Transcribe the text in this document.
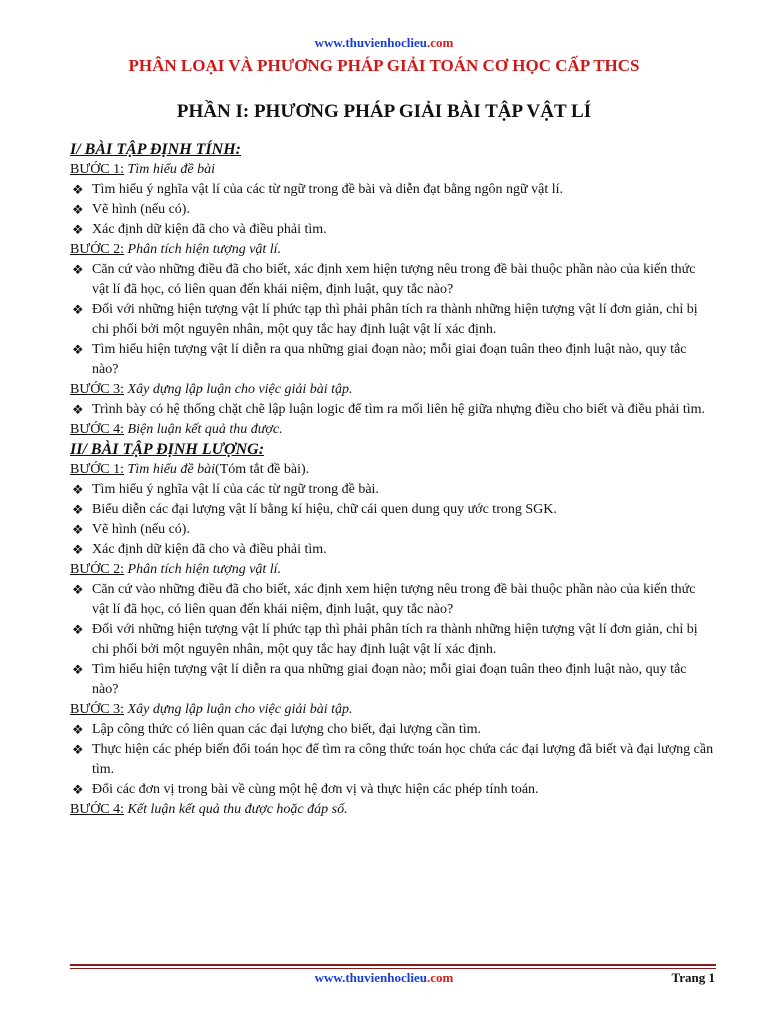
www.thuvienhoclieu.com
PHÂN LOẠI VÀ PHƯƠNG PHÁP GIẢI TOÁN CƠ HỌC CẤP THCS
PHẦN I: PHƯƠNG PHÁP GIẢI BÀI TẬP VẬT LÍ
I/ BÀI TẬP ĐỊNH TÍNH:
BƯỚC 1: Tìm hiểu đề bài
❖ Tìm hiểu ý nghĩa vật lí của các từ ngữ trong đề bài và diễn đạt bằng ngôn ngữ vật lí.
❖ Vẽ hình (nếu có).
❖ Xác định dữ kiện đã cho và điều phải tìm.
BƯỚC 2: Phân tích hiện tượng vật lí.
❖ Căn cứ vào những điều đã cho biết, xác định xem hiện tượng nêu trong đề bài thuộc phần nào của kiến thức vật lí đã học, có liên quan đến khái niệm, định luật, quy tắc nào?
❖ Đối với những hiện tượng vật lí phức tạp thì phải phân tích ra thành những hiện tượng vật lí đơn giản, chỉ bị chi phối bởi một nguyên nhân, một quy tắc hay định luật vật lí xác định.
❖ Tìm hiểu hiện tượng vật lí diễn ra qua những giai đoạn nào; mỗi giai đoạn tuân theo định luật nào, quy tắc nào?
BƯỚC 3: Xây dựng lập luận cho việc giải bài tập.
❖ Trình bày có hệ thống chặt chẽ lập luận logic để tìm ra mối liên hệ giữa nhựng điều cho biết và điều phải tìm.
BƯỚC 4: Biện luận kết quả thu được.
II/ BÀI TẬP ĐỊNH LƯỢNG:
BƯỚC 1: Tìm hiểu đề bài(Tóm tắt đề bài).
❖ Tìm hiểu ý nghĩa vật lí của các từ ngữ trong đề bài.
❖ Biểu diễn các đại lượng vật lí bằng kí hiệu, chữ cái quen dung quy ước trong SGK.
❖ Vẽ hình (nếu có).
❖ Xác định dữ kiện đã cho và điều phải tìm.
BƯỚC 2: Phân tích hiện tượng vật lí.
❖ Căn cứ vào những điều đã cho biết, xác định xem hiện tượng nêu trong đề bài thuộc phần nào của kiến thức vật lí đã học, có liên quan đến khái niệm, định luật, quy tắc nào?
❖ Đối với những hiện tượng vật lí phức tạp thì phải phân tích ra thành những hiện tượng vật lí đơn giản, chỉ bị chi phối bởi một nguyên nhân, một quy tắc hay định luật vật lí xác định.
❖ Tìm hiểu hiện tượng vật lí diễn ra qua những giai đoạn nào; mỗi giai đoạn tuân theo định luật nào, quy tắc nào?
BƯỚC 3: Xây dựng lập luận cho việc giải bài tập.
❖ Lập công thức có liên quan các đại lượng cho biết, đại lượng cần tìm.
❖ Thực hiện các phép biến đổi toán học để tìm ra công thức toán học chứa các đại lượng đã biết và đại lượng cần tìm.
❖ Đổi các đơn vị trong bài về cùng một hệ đơn vị và thực hiện các phép tính toán.
BƯỚC 4: Kết luận kết quả thu được hoặc đáp số.
www.thuvienhoclieu.com	Trang 1
